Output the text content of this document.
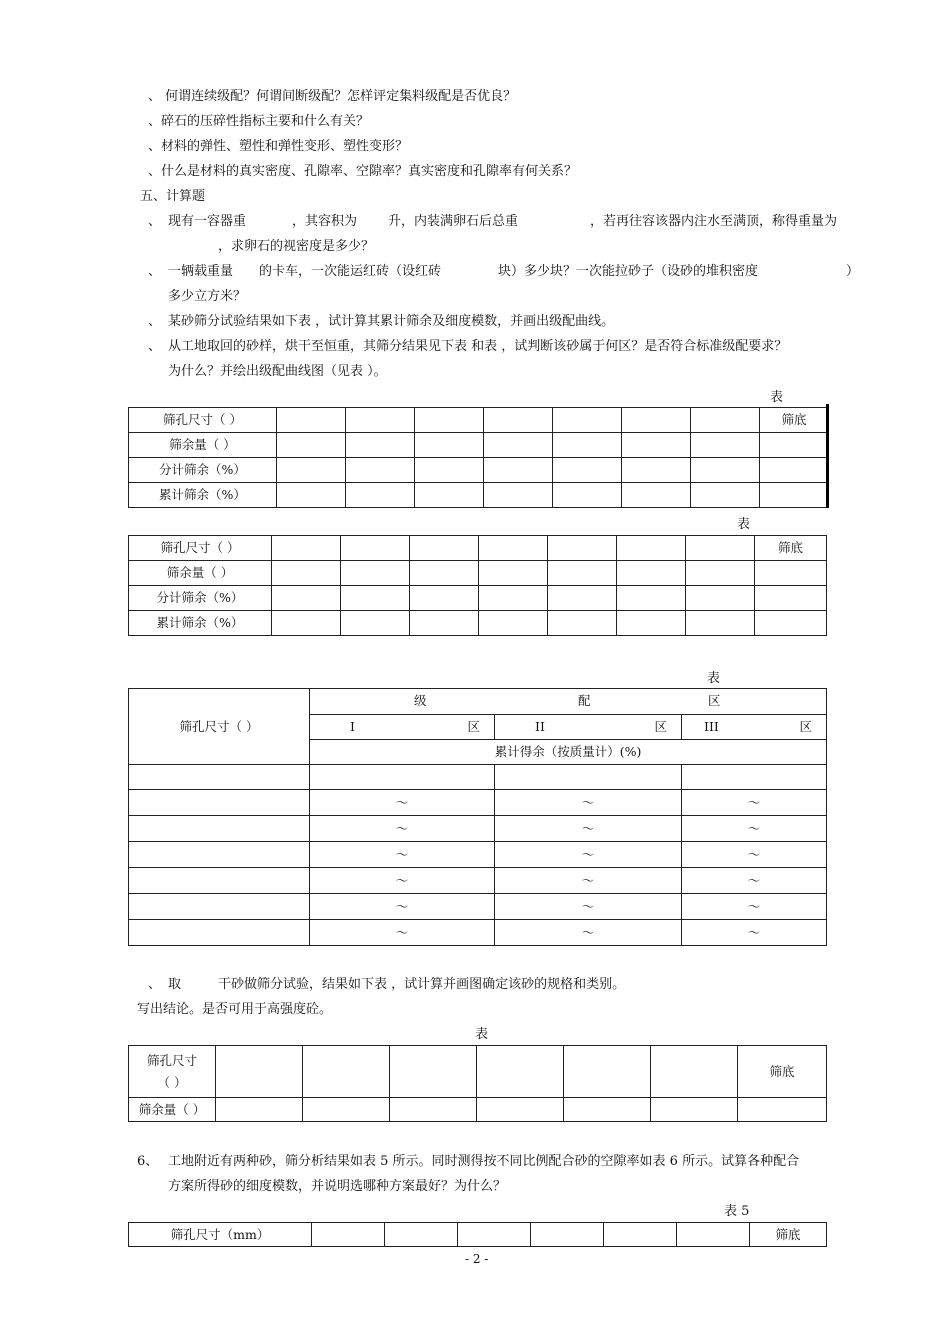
、 何谓连续级配？何谓间断级配？怎样评定集料级配是否优良？
、碎石的压碎性指标主要和什么有关？
、材料的弹性、塑性和弹性变形、塑性变形？
、什么是材料的真实密度、孔隙率、空隙率？真实密度和孔隙率有何关系？
五、计算题
、 现有一容器重	，其容积为 升，内装满卵石后总重	，若再往容该器内注水至满顶，称得重量为
，求卵石的视密度是多少？
、 一辆载重量 的卡车，一次能运红砖（设红砖	块）多少块？一次能拉砂子（设砂的堆积密度	）
多少立方米？
、 某砂筛分试验结果如下表 ，试计算其累计筛余及细度模数，并画出级配曲线。
、 从工地取回的砂样，烘干至恒重，其筛分结果见下表 和表 ，试判断该砂属于何区？是否符合标准级配要求？
为什么？并绘出级配曲线图（见表 ）。
表
筛孔尺寸（ ）								筛底
筛余量（ ）								
分计筛余（%）								
累计筛余（%）								
表
筛孔尺寸（ ）								筛底
筛余量（ ）								
分计筛余（%）								
累计筛余（%）								
表
筛孔尺寸（ ）	级 配 区		

	I 区	II 区	III 区

	累计得余（按质量计）(%)		

	～	～	～
	～	～	～
	～	～	～
	～	～	～
	～	～	～
	～	～	～
、 取	干砂做筛分试验，结果如下表 ，试计算并画图确定该砂的规格和类别。
写出结论。是否可用于高强度砼。
表
筛孔尺寸
（ ）							筛底
筛余量（ ）							
6、 工地附近有两种砂，筛分析结果如表 5 所示。同时测得按不同比例配合砂的空隙率如表 6 所示。试算各种配合
方案所得砂的细度模数，并说明选哪种方案最好？为什么？
表 5
筛孔尺寸（mm）							筛底
- 2 -
